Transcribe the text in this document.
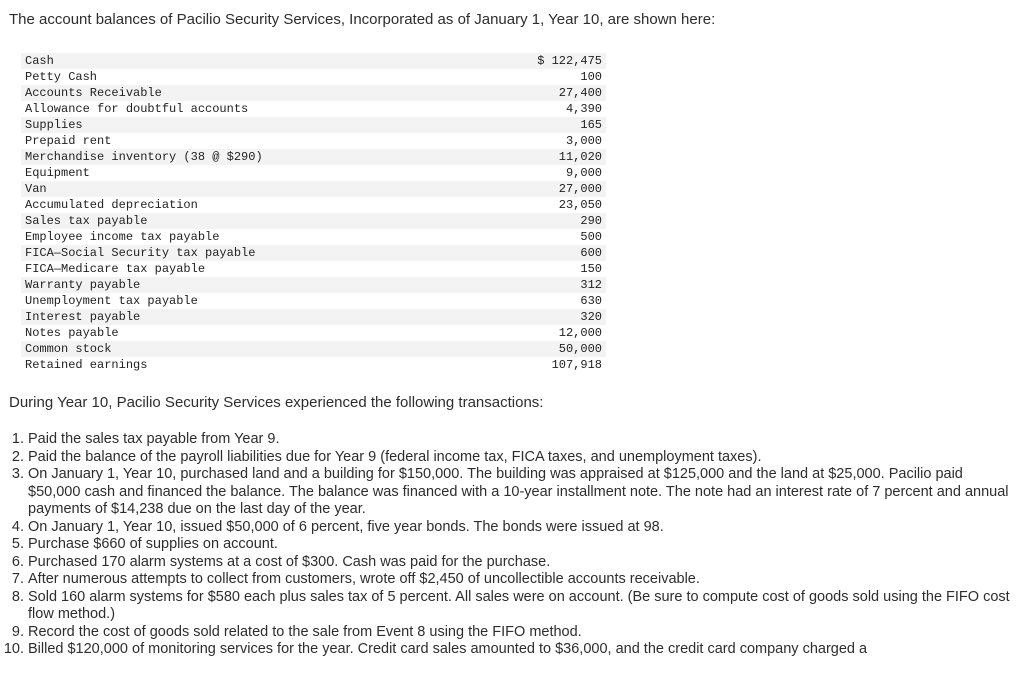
The account balances of Pacilio Security Services, Incorporated as of January 1, Year 10, are shown here:
Cash	$ 122,475
Petty Cash	100
Accounts Receivable	27,400
Allowance for doubtful accounts	4,390
Supplies	165
Prepaid rent	3,000
Merchandise inventory (38 @ $290)	11,020
Equipment	9,000
Van	27,000
Accumulated depreciation	23,050
Sales tax payable	290
Employee income tax payable	500
FICA—Social Security tax payable	600
FICA—Medicare tax payable	150
Warranty payable	312
Unemployment tax payable	630
Interest payable	320
Notes payable	12,000
Common stock	50,000
Retained earnings	107,918
During Year 10, Pacilio Security Services experienced the following transactions:
1. Paid the sales tax payable from Year 9.
2. Paid the balance of the payroll liabilities due for Year 9 (federal income tax, FICA taxes, and unemployment taxes).
3. On January 1, Year 10, purchased land and a building for $150,000. The building was appraised at $125,000 and the land at $25,000. Pacilio paid $50,000 cash and financed the balance. The balance was financed with a 10-year installment note. The note had an interest rate of 7 percent and annual payments of $14,238 due on the last day of the year.
4. On January 1, Year 10, issued $50,000 of 6 percent, five year bonds. The bonds were issued at 98.
5. Purchase $660 of supplies on account.
6. Purchased 170 alarm systems at a cost of $300. Cash was paid for the purchase.
7. After numerous attempts to collect from customers, wrote off $2,450 of uncollectible accounts receivable.
8. Sold 160 alarm systems for $580 each plus sales tax of 5 percent. All sales were on account. (Be sure to compute cost of goods sold using the FIFO cost flow method.)
9. Record the cost of goods sold related to the sale from Event 8 using the FIFO method.
10. Billed $120,000 of monitoring services for the year. Credit card sales amounted to $36,000, and the credit card company charged a
